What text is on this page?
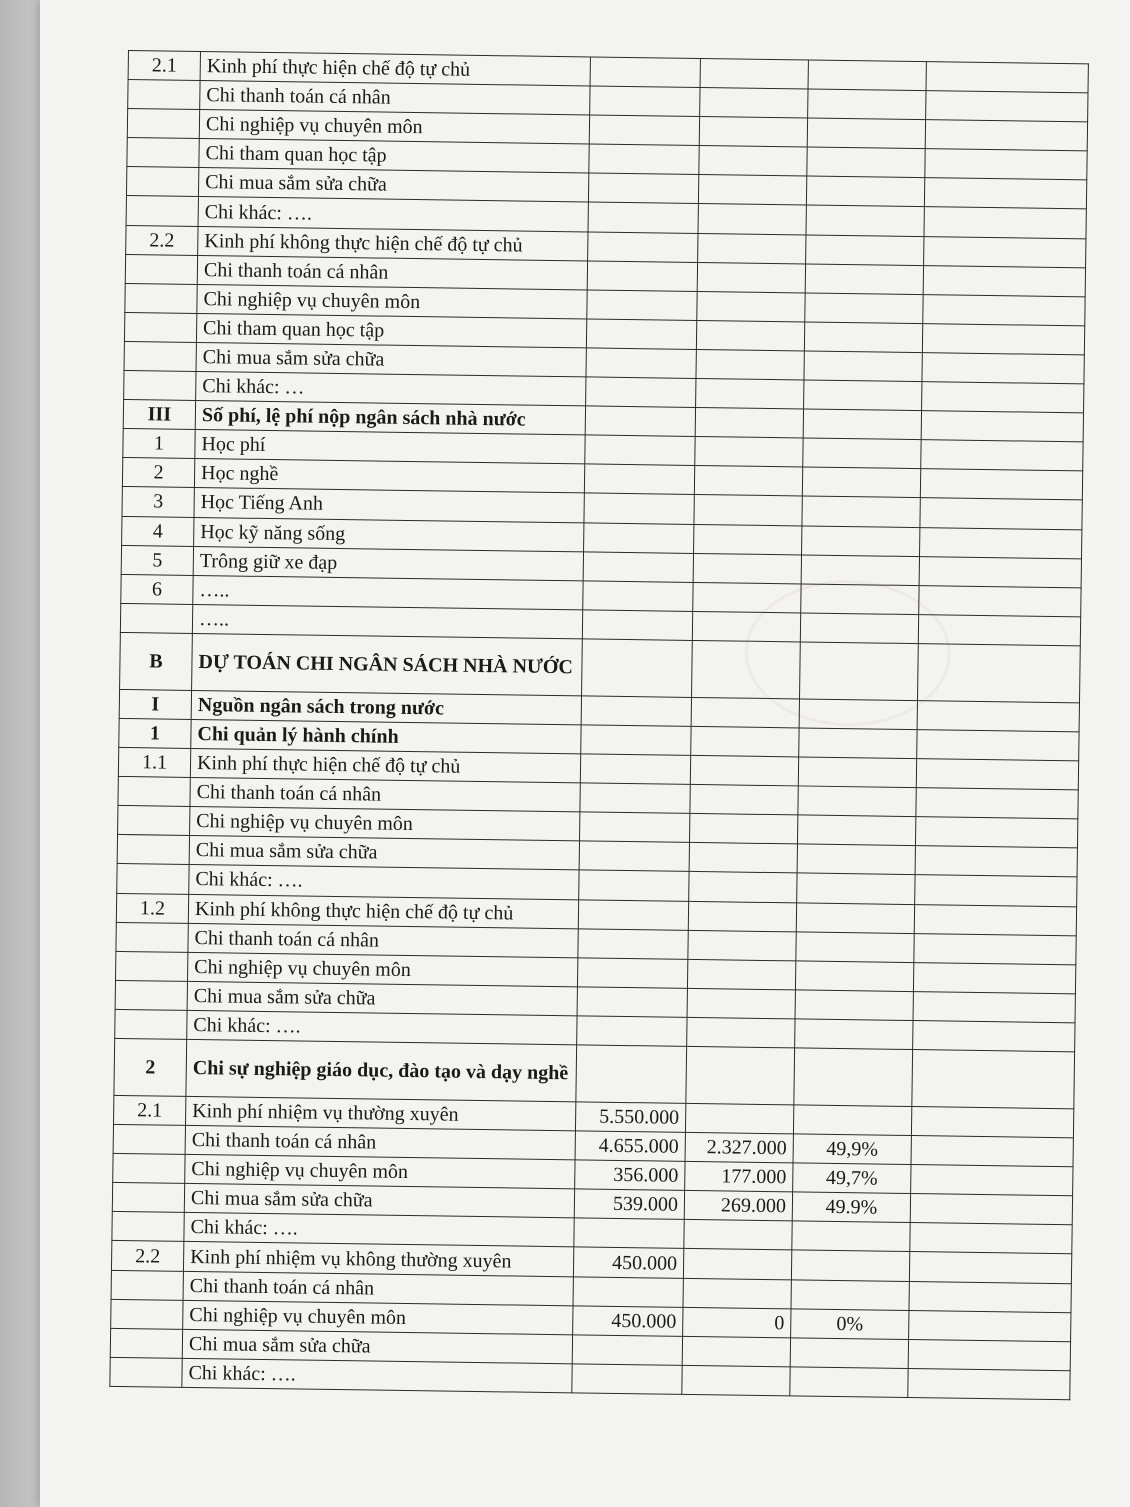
2.1	Kinh phí thực hiện chế độ tự chủ				
	Chi thanh toán cá nhân				
	Chi nghiệp vụ chuyên môn				
	Chi tham quan học tập				
	Chi mua sắm sửa chữa				
	Chi khác: ….				
2.2	Kinh phí không thực hiện chế độ tự chủ				
	Chi thanh toán cá nhân				
	Chi nghiệp vụ chuyên môn				
	Chi tham quan học tập				
	Chi mua sắm sửa chữa				
	Chi khác: …				
III	Số phí, lệ phí nộp ngân sách nhà nước				
1	Học phí				
2	Học nghề				
3	Học Tiếng Anh				
4	Học kỹ năng sống				
5	Trông giữ xe đạp				
6	…..				
	…..				
B	DỰ TOÁN CHI NGÂN SÁCH NHÀ NƯỚC				
I	Nguồn ngân sách trong nước				
1	Chi quản lý hành chính				
1.1	Kinh phí thực hiện chế độ tự chủ				
	Chi thanh toán cá nhân				
	Chi nghiệp vụ chuyên môn				
	Chi mua sắm sửa chữa				
	Chi khác: ….				
1.2	Kinh phí không thực hiện chế độ tự chủ				
	Chi thanh toán cá nhân				
	Chi nghiệp vụ chuyên môn				
	Chi mua sắm sửa chữa				
	Chi khác: ….				
2	Chi sự nghiệp giáo dục, đào tạo và dạy nghề				
2.1	Kinh phí nhiệm vụ thường xuyên	5.550.000			
	Chi thanh toán cá nhân	4.655.000	2.327.000	49,9%	
	Chi nghiệp vụ chuyên môn	356.000	177.000	49,7%	
	Chi mua sắm sửa chữa	539.000	269.000	49.9%	
	Chi khác: ….				
2.2	Kinh phí nhiệm vụ không thường xuyên	450.000			
	Chi thanh toán cá nhân				
	Chi nghiệp vụ chuyên môn	450.000	0	0%	
	Chi mua sắm sửa chữa				
	Chi khác: ….				
